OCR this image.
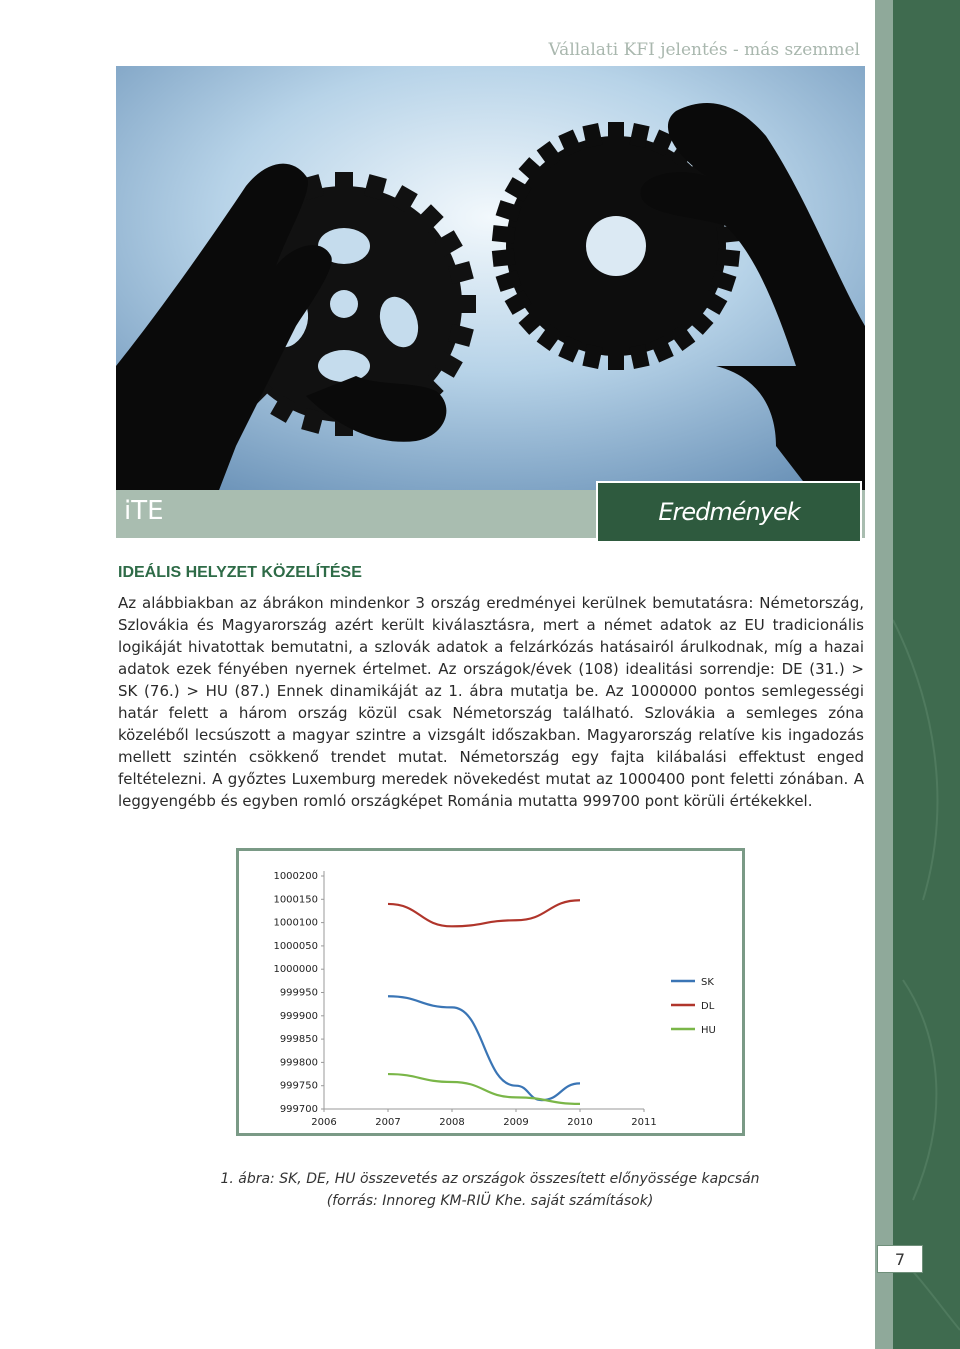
Vállalati KFI jelentés - más szemmel
iTE	Eredmények
IDEÁLIS HELYZET KÖZELÍTÉSE

Az alábbiakban az ábrákon mindenkor 3 ország eredményei kerülnek bemutatásra: Németország, Szlovákia és Magyarország azért került kiválasztásra, mert a német adatok az EU tradicionális logikáját hivatottak bemutatni, a szlovák adatok a felzárkózás hatásairól árulkodnak, míg a hazai adatok ezek fényében nyernek értelmet. Az országok/évek (108) idealitási sorrendje: DE (31.) > SK (76.) > HU (87.) Ennek dinamikáját az 1. ábra mutatja be. Az 1000000 pontos semlegességi határ felett a három ország közül csak Németország található. Szlovákia a semleges zóna közeléből lecsúszott a magyar szintre a vizsgált időszakban. Magyarország relatíve kis ingadozás mellett szintén csökkenő trendet mutat. Németország egy fajta kilábalási effektust enged feltételezni. A győztes Luxemburg meredek növekedést mutat az 1000400 pont feletti zónában. A leggyengébb és egyben romló országképet Románia mutatta 999700 pont körüli értékekkel.

999700
999750
999800
999850
999900
999950
1000000
1000050
1000100
1000150
1000200
2006	2007	2008	2009	2010	2011
SK
DL
HU

1. ábra: SK, DE, HU összevetés az országok összesített előnyössége kapcsán
(forrás: Innoreg KM-RIÜ Khe. saját számítások)

7
